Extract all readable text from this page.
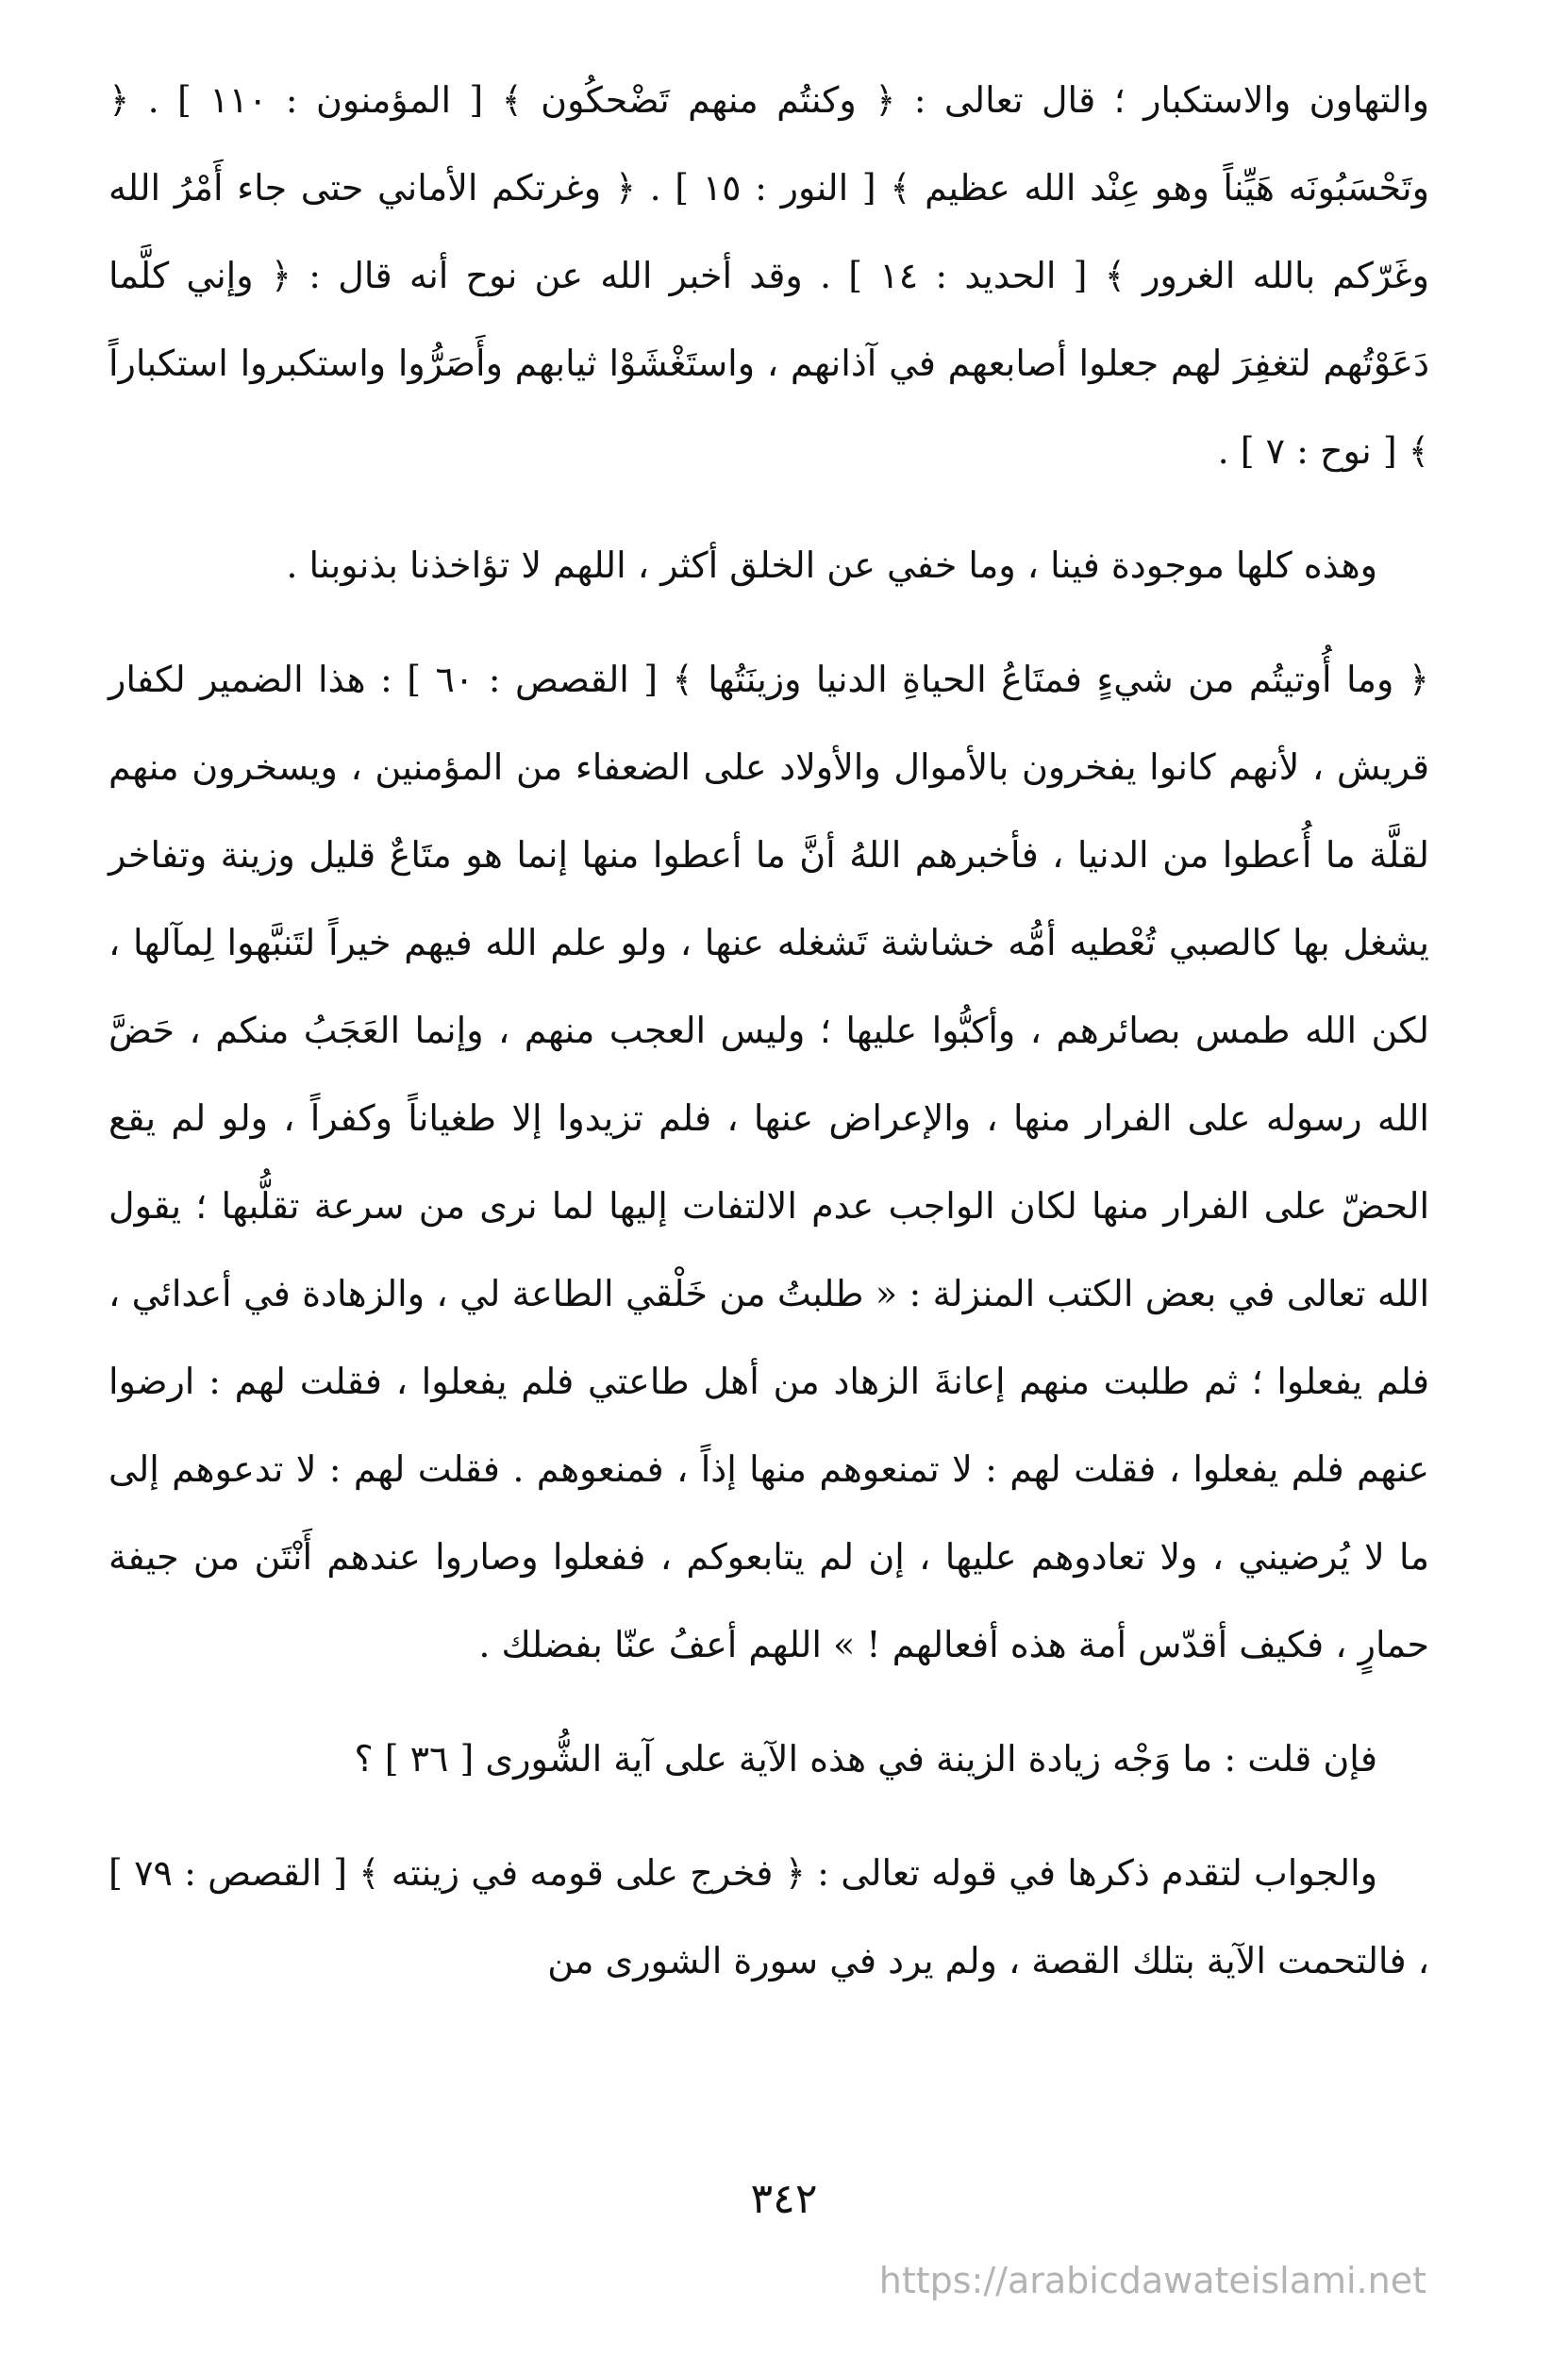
والتهاون والاستكبار ؛ قال تعالى : ﴿ وكنتُم منهم تَضْحكُون ﴾ [ المؤمنون : ١١٠ ] . ﴿ وتَحْسَبُونَه هَيِّناً وهو عِنْد الله عظيم ﴾ [ النور : ١٥ ] . ﴿ وغرتكم الأماني حتى جاء أَمْرُ الله وغَرّكم بالله الغرور ﴾ [ الحديد : ١٤ ] . وقد أخبر الله عن نوح أنه قال : ﴿ وإني كلَّما دَعَوْتُهم لتغفِرَ لهم جعلوا أصابعهم في آذانهم ، واستَغْشَوْا ثيابهم وأَصَرُّوا واستكبروا استكباراً ﴾ [ نوح : ٧ ] .

وهذه كلها موجودة فينا ، وما خفي عن الخلق أكثر ، اللهم لا تؤاخذنا بذنوبنا .

﴿ وما أُوتيتُم من شيءٍ فمتَاعُ الحياةِ الدنيا وزينَتُها ﴾ [ القصص : ٦٠ ] : هذا الضمير لكفار قريش ، لأنهم كانوا يفخرون بالأموال والأولاد على الضعفاء من المؤمنين ، ويسخرون منهم لقلَّة ما أُعطوا من الدنيا ، فأخبرهم اللهُ أنَّ ما أعطوا منها إنما هو متَاعٌ قليل وزينة وتفاخر يشغل بها كالصبي تُعْطيه أمُّه خشاشة تَشغله عنها ، ولو علم الله فيهم خيراً لتَنبَّهوا لِمآلها ، لكن الله طمس بصائرهم ، وأكبُّوا عليها ؛ وليس العجب منهم ، وإنما العَجَبُ منكم ، حَضَّ الله رسوله على الفرار منها ، والإعراض عنها ، فلم تزيدوا إلا طغياناً وكفراً ، ولو لم يقع الحضّ على الفرار منها لكان الواجب عدم الالتفات إليها لما نرى من سرعة تقلُّبها ؛ يقول الله تعالى في بعض الكتب المنزلة : « طلبتُ من خَلْقي الطاعة لي ، والزهادة في أعدائي ، فلم يفعلوا ؛ ثم طلبت منهم إعانةَ الزهاد من أهل طاعتي فلم يفعلوا ، فقلت لهم : ارضوا عنهم فلم يفعلوا ، فقلت لهم : لا تمنعوهم منها إذاً ، فمنعوهم . فقلت لهم : لا تدعوهم إلى ما لا يُرضيني ، ولا تعادوهم عليها ، إن لم يتابعوكم ، ففعلوا وصاروا عندهم أَنْتَن من جيفة حمارٍ ، فكيف أقدّس أمة هذه أفعالهم ! » اللهم أعفُ عنّا بفضلك .

فإن قلت : ما وَجْه زيادة الزينة في هذه الآية على آية الشُّورى [ ٣٦ ] ؟

والجواب لتقدم ذكرها في قوله تعالى : ﴿ فخرج على قومه في زينته ﴾ [ القصص : ٧٩ ] ، فالتحمت الآية بتلك القصة ، ولم يرد في سورة الشورى من

٣٤٢
https://arabicdawateislami.net
